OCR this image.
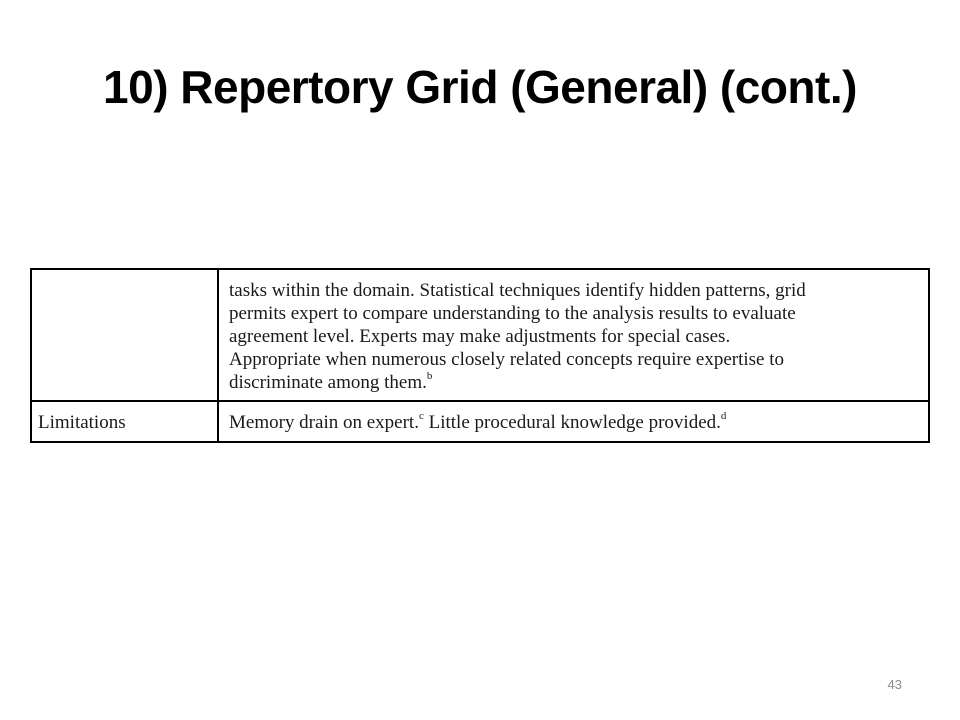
10) Repertory Grid (General) (cont.)
tasks within the domain. Statistical techniques identify hidden patterns, grid
permits expert to compare understanding to the analysis results to evaluate
agreement level. Experts may make adjustments for special cases.
Appropriate when numerous closely related concepts require expertise to
discriminate among them.$^b$
Limitations	Memory drain on expert.$^c$ Little procedural knowledge provided.$^d$
43
